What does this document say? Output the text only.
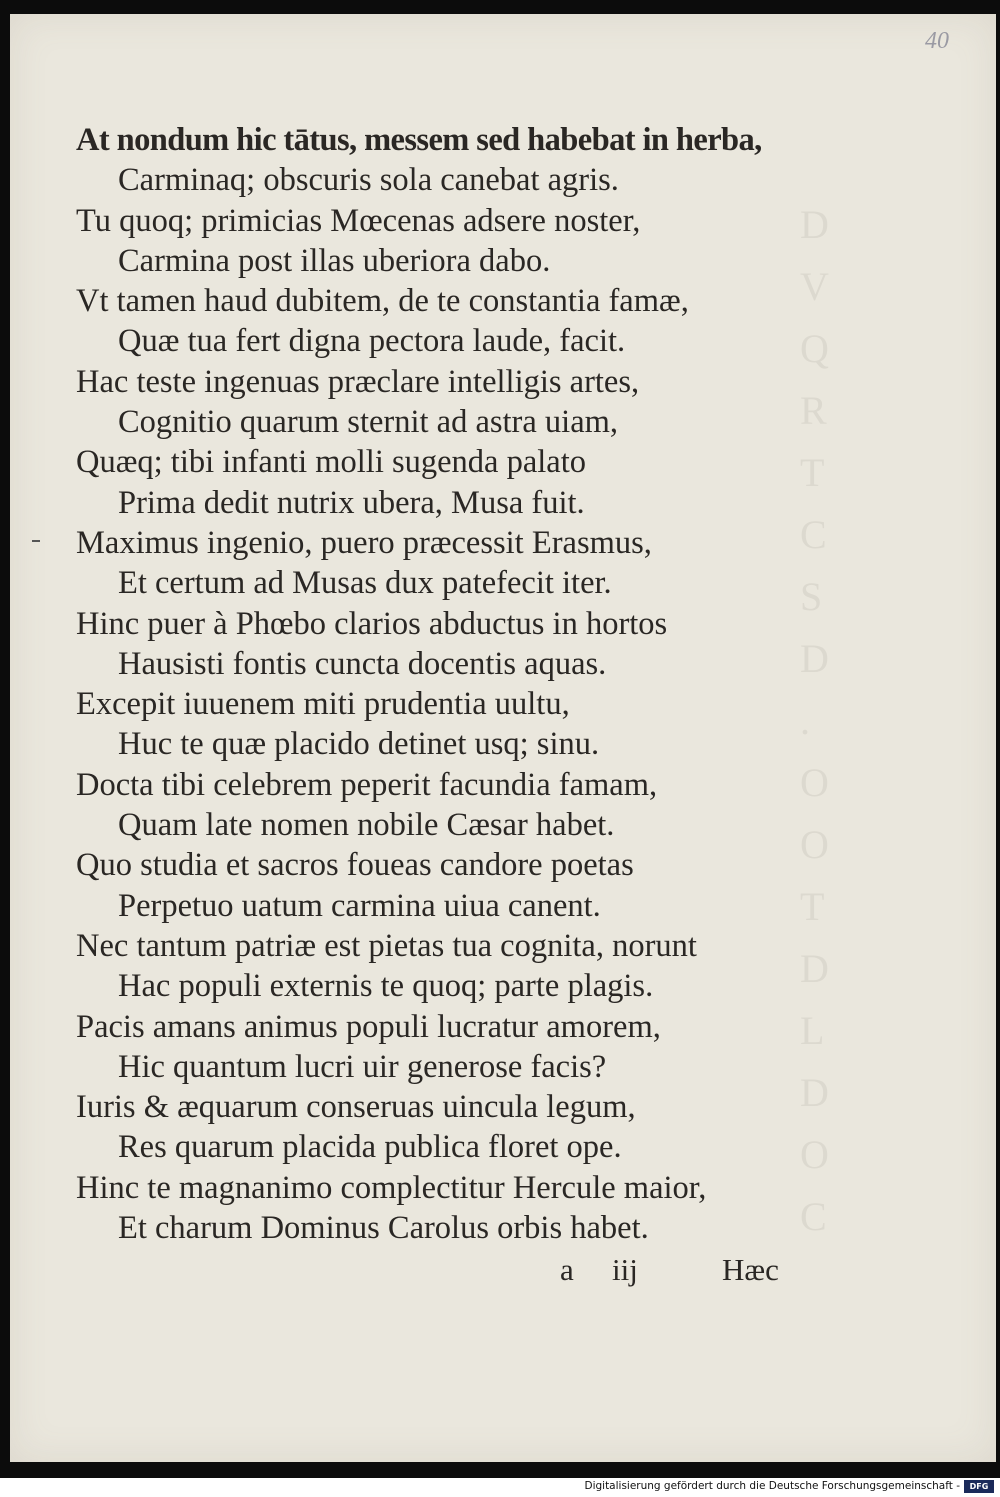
D
V
Q
R
T
C
S
D
.
O
O
T
D
L
D
O
C
40
At nondum hic tātus, messem sed habebat in herba,
Carminaq; obscuris sola canebat agris.
Tu quoq; primicias Mœcenas adsere noster,
Carmina post illas uberiora dabo.
Vt tamen haud dubitem, de te constantia famæ,
Quæ tua fert digna pectora laude, facit.
Hac teste ingenuas præclare intelligis artes,
Cognitio quarum sternit ad astra uiam,
Quæq; tibi infanti molli sugenda palato
Prima dedit nutrix ubera, Musa fuit.
Maximus ingenio, puero præcessit Erasmus,
Et certum ad Musas dux patefecit iter.
Hinc puer à Phœbo clarios abductus in hortos
Hausisti fontis cuncta docentis aquas.
Excepit iuuenem miti prudentia uultu,
Huc te quæ placido detinet usq; sinu.
Docta tibi celebrem peperit facundia famam,
Quam late nomen nobile Cæsar habet.
Quo studia et sacros foueas candore poetas
Perpetuo uatum carmina uiua canent.
Nec tantum patriæ est pietas tua cognita, norunt
Hac populi externis te quoq; parte plagis.
Pacis amans animus populi lucratur amorem,
Hic quantum lucri uir generose facis?
Iuris & æquarum conseruas uincula legum,
Res quarum placida publica floret ope.
Hinc te magnanimo complectitur Hercule maior,
Et charum Dominus Carolus orbis habet.
a iij	Hæc
Digitalisierung gefördert durch die Deutsche Forschungsgemeinschaft -	DFG
